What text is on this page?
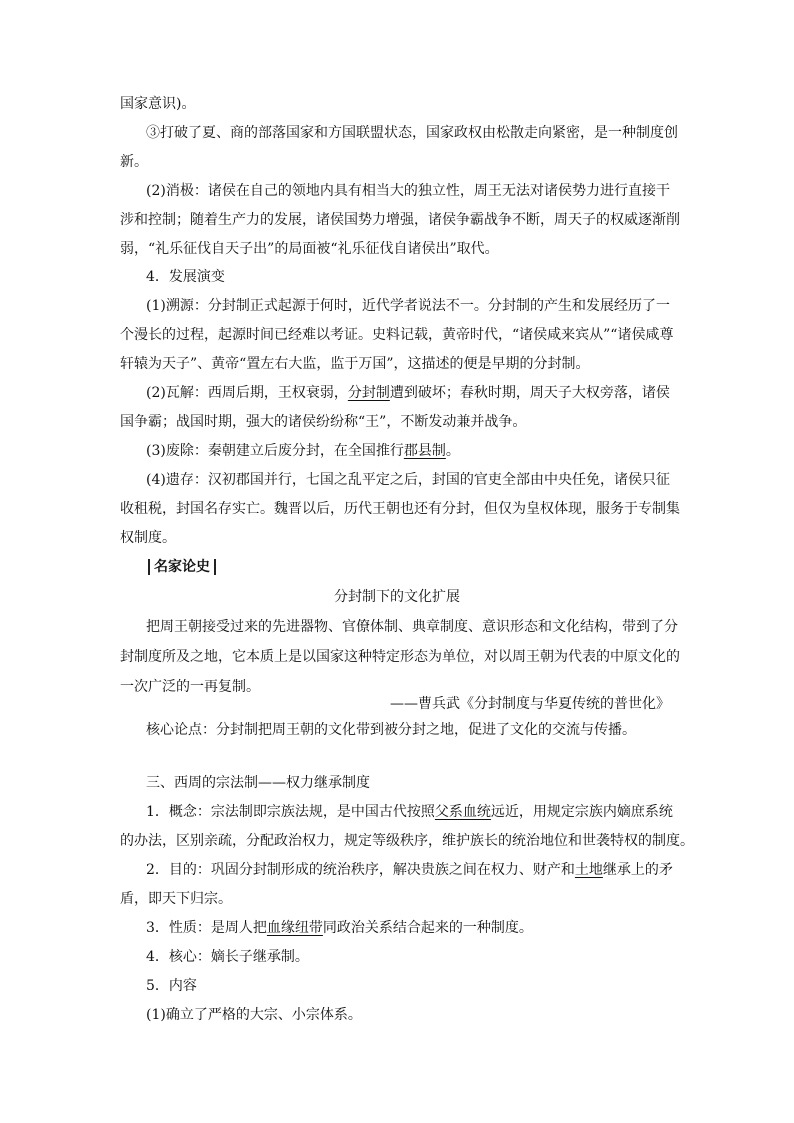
国家意识)。
③打破了夏、商的部落国家和方国联盟状态，国家政权由松散走向紧密，是一种制度创
新。
(2)消极：诸侯在自己的领地内具有相当大的独立性，周王无法对诸侯势力进行直接干
涉和控制；随着生产力的发展，诸侯国势力增强，诸侯争霸战争不断，周天子的权威逐渐削
弱，“礼乐征伐自天子出”的局面被“礼乐征伐自诸侯出”取代。
4．发展演变
(1)溯源：分封制正式起源于何时，近代学者说法不一。分封制的产生和发展经历了一
个漫长的过程，起源时间已经难以考证。史料记载，黄帝时代，“诸侯咸来宾从”“诸侯咸尊
轩辕为天子”、黄帝“置左右大监，监于万国”，这描述的便是早期的分封制。
(2)瓦解：西周后期，王权衰弱，分封制遭到破坏；春秋时期，周天子大权旁落，诸侯
国争霸；战国时期，强大的诸侯纷纷称“王”，不断发动兼并战争。
(3)废除：秦朝建立后废分封，在全国推行郡县制。
(4)遗存：汉初郡国并行，七国之乱平定之后，封国的官吏全部由中央任免，诸侯只征
收租税，封国名存实亡。魏晋以后，历代王朝也还有分封，但仅为皇权体现，服务于专制集
权制度。
名家论史
分封制下的文化扩展
把周王朝接受过来的先进器物、官僚体制、典章制度、意识形态和文化结构，带到了分
封制度所及之地，它本质上是以国家这种特定形态为单位，对以周王朝为代表的中原文化的
一次广泛的一再复制。
——曹兵武《分封制度与华夏传统的普世化》
核心论点：分封制把周王朝的文化带到被分封之地，促进了文化的交流与传播。
三、西周的宗法制——权力继承制度
1．概念：宗法制即宗族法规，是中国古代按照父系血统远近，用规定宗族内嫡庶系统
的办法，区别亲疏，分配政治权力，规定等级秩序，维护族长的统治地位和世袭特权的制度。
2．目的：巩固分封制形成的统治秩序，解决贵族之间在权力、财产和土地继承上的矛
盾，即天下归宗。
3．性质：是周人把血缘纽带同政治关系结合起来的一种制度。
4．核心：嫡长子继承制。
5．内容
(1)确立了严格的大宗、小宗体系。
